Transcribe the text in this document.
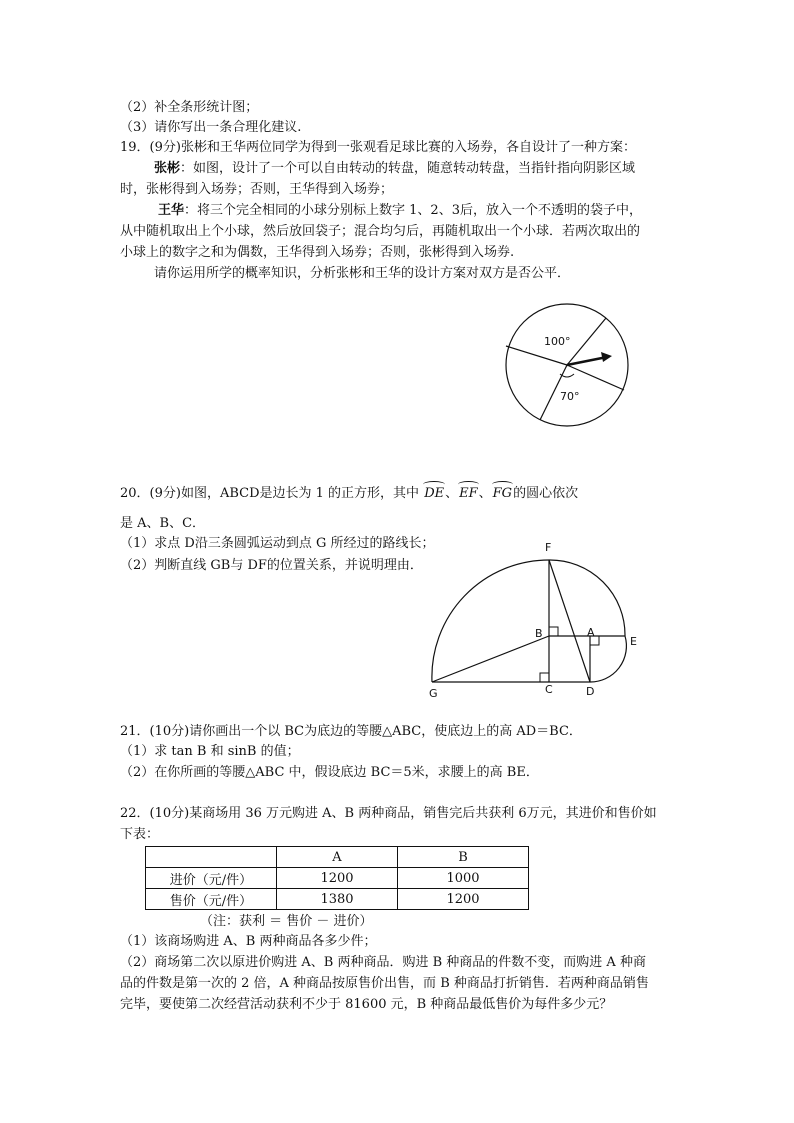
（2）补全条形统计图；
（3）请你写出一条合理化建议.
19．(9分)张彬和王华两位同学为得到一张观看足球比赛的入场券，各自设计了一种方案：
张彬：如图，设计了一个可以自由转动的转盘，随意转动转盘，当指针指向阴影区域
时，张彬得到入场券；否则，王华得到入场券；
王华：将三个完全相同的小球分别标上数字 1、2、3后，放入一个不透明的袋子中，
从中随机取出上个小球，然后放回袋子；混合均匀后，再随机取出一个小球．若两次取出的
小球上的数字之和为偶数，王华得到入场券；否则，张彬得到入场券.
请你运用所学的概率知识，分析张彬和王华的设计方案对双方是否公平．
100°
70°
20．(9分)如图，ABCD是边长为 1 的正方形，其中 DE、EF、FG的圆心依次
是 A、B、C．
（1）求点 D沿三条圆弧运动到点 G 所经过的路线长；
（2）判断直线 GB与 DF的位置关系，并说明理由．
F
B	A
E
G	C	D
21．(10分)请你画出一个以 BC为底边的等腰△ABC，使底边上的高 AD＝BC．
（1）求 tan B 和 sinB 的值；
（2）在你所画的等腰△ABC 中，假设底边 BC＝5米，求腰上的高 BE．
22．(10分)某商场用 36 万元购进 A、B 两种商品，销售完后共获利 6万元，其进价和售价如
下表：
	A	B
进价（元/件）	1200	1000
售价（元/件）	1380	1200
（注：获利 ＝ 售价 － 进价）
（1）该商场购进 A、B 两种商品各多少件；
（2）商场第二次以原进价购进 A、B 两种商品．购进 B 种商品的件数不变，而购进 A 种商
品的件数是第一次的 2 倍，A 种商品按原售价出售，而 B 种商品打折销售．若两种商品销售
完毕，要使第二次经营活动获利不少于 81600 元，B 种商品最低售价为每件多少元？
